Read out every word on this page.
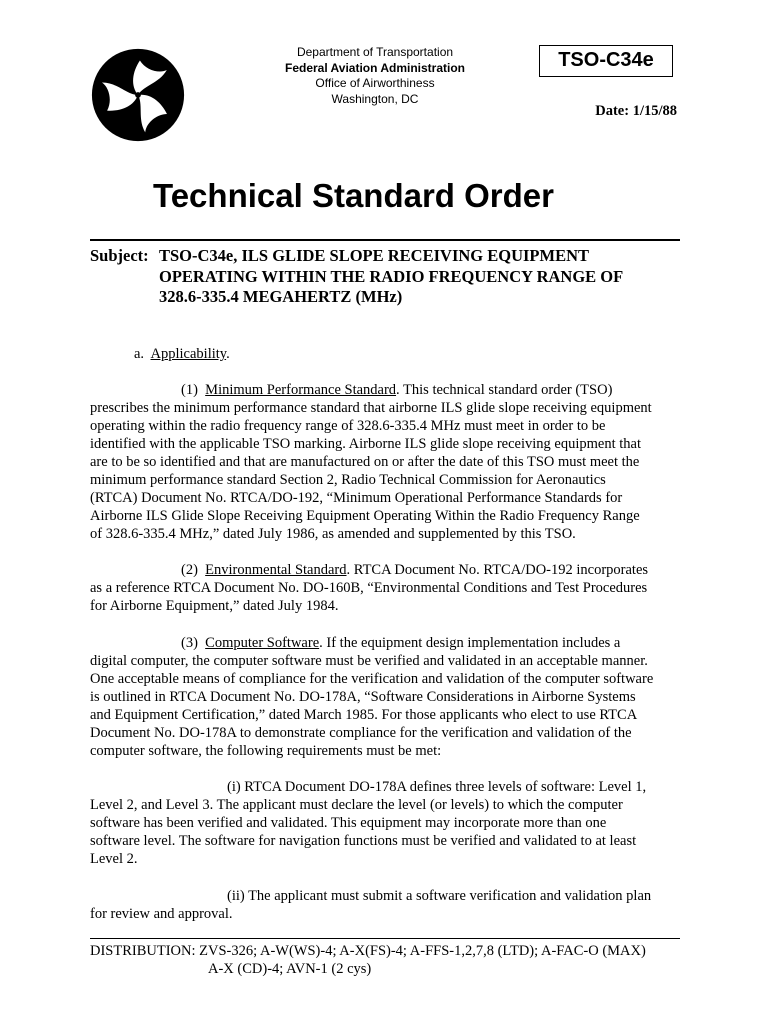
Department of Transportation
Federal Aviation Administration
Office of Airworthiness
Washington, DC
TSO-C34e
Date: 1/15/88
Technical Standard Order
Subject: TSO-C34e, ILS GLIDE SLOPE RECEIVING EQUIPMENT
OPERATING WITHIN THE RADIO FREQUENCY RANGE OF
328.6-335.4 MEGAHERTZ (MHz)
a. Applicability.
(1) Minimum Performance Standard. This technical standard order (TSO)
prescribes the minimum performance standard that airborne ILS glide slope receiving equipment
operating within the radio frequency range of 328.6-335.4 MHz must meet in order to be
identified with the applicable TSO marking. Airborne ILS glide slope receiving equipment that
are to be so identified and that are manufactured on or after the date of this TSO must meet the
minimum performance standard Section 2, Radio Technical Commission for Aeronautics
(RTCA) Document No. RTCA/DO-192, “Minimum Operational Performance Standards for
Airborne ILS Glide Slope Receiving Equipment Operating Within the Radio Frequency Range
of 328.6-335.4 MHz,” dated July 1986, as amended and supplemented by this TSO.
(2) Environmental Standard. RTCA Document No. RTCA/DO-192 incorporates
as a reference RTCA Document No. DO-160B, “Environmental Conditions and Test Procedures
for Airborne Equipment,” dated July 1984.
(3) Computer Software. If the equipment design implementation includes a
digital computer, the computer software must be verified and validated in an acceptable manner.
One acceptable means of compliance for the verification and validation of the computer software
is outlined in RTCA Document No. DO-178A, “Software Considerations in Airborne Systems
and Equipment Certification,” dated March 1985. For those applicants who elect to use RTCA
Document No. DO-178A to demonstrate compliance for the verification and validation of the
computer software, the following requirements must be met:
(i) RTCA Document DO-178A defines three levels of software: Level 1,
Level 2, and Level 3. The applicant must declare the level (or levels) to which the computer
software has been verified and validated. This equipment may incorporate more than one
software level. The software for navigation functions must be verified and validated to at least
Level 2.
(ii) The applicant must submit a software verification and validation plan
for review and approval.
DISTRIBUTION: ZVS-326; A-W(WS)-4; A-X(FS)-4; A-FFS-1,2,7,8 (LTD); A-FAC-O (MAX)
A-X (CD)-4; AVN-1 (2 cys)
